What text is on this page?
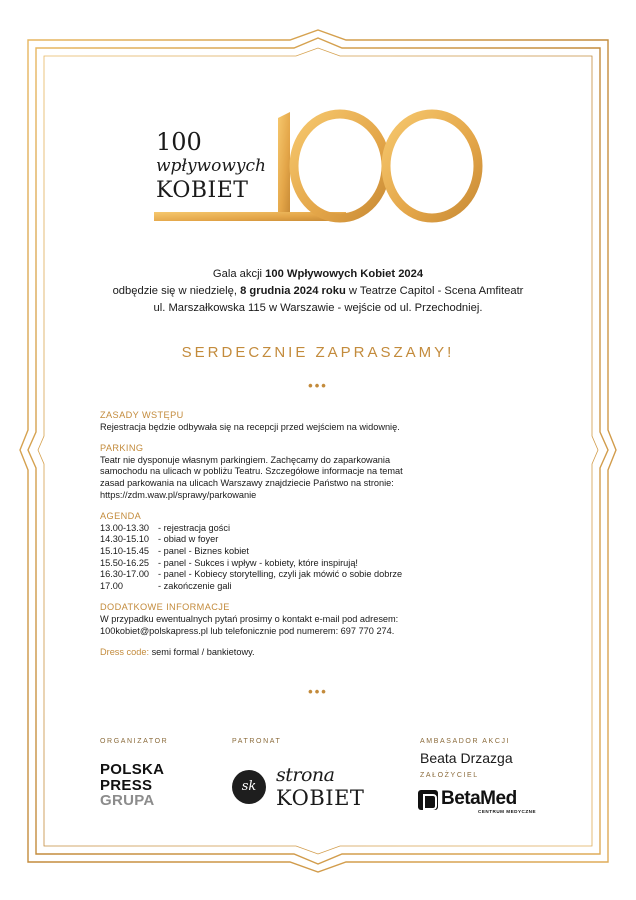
100
wpływowych
KOBIET
Gala akcji 100 Wpływowych Kobiet 2024
odbędzie się w niedzielę, 8 grudnia 2024 roku w Teatrze Capitol - Scena Amfiteatr
ul. Marszałkowska 115 w Warszawie - wejście od ul. Przechodniej.
SERDECZNIE ZAPRASZAMY!
•••
ZASADY WSTĘPU
Rejestracja będzie odbywała się na recepcji przed wejściem na widownię.
PARKING
Teatr nie dysponuje własnym parkingiem. Zachęcamy do zaparkowania
samochodu na ulicach w pobliżu Teatru. Szczegółowe informacje na temat
zasad parkowania na ulicach Warszawy znajdziecie Państwo na stronie:
https://zdm.waw.pl/sprawy/parkowanie
AGENDA
13.00-13.30 - rejestracja gości
14.30-15.10 - obiad w foyer
15.10-15.45 - panel - Biznes kobiet
15.50-16.25 - panel - Sukces i wpływ - kobiety, które inspirują!
16.30-17.00 - panel - Kobiecy storytelling, czyli jak mówić o sobie dobrze
17.00	- zakończenie gali
DODATKOWE INFORMACJE
W przypadku ewentualnych pytań prosimy o kontakt e-mail pod adresem:
100kobiet@polskapress.pl lub telefonicznie pod numerem: 697 770 274.
Dress code: semi formal / bankietowy.
•••
ORGANIZATOR
POLSKA
PRESS
GRUPA
PATRONAT
sk
strona
KOBIET
AMBASADOR AKCJI
Beata Drzazga
ZAŁOŻYCIEL
BetaMed
CENTRUM MEDYCZNE
